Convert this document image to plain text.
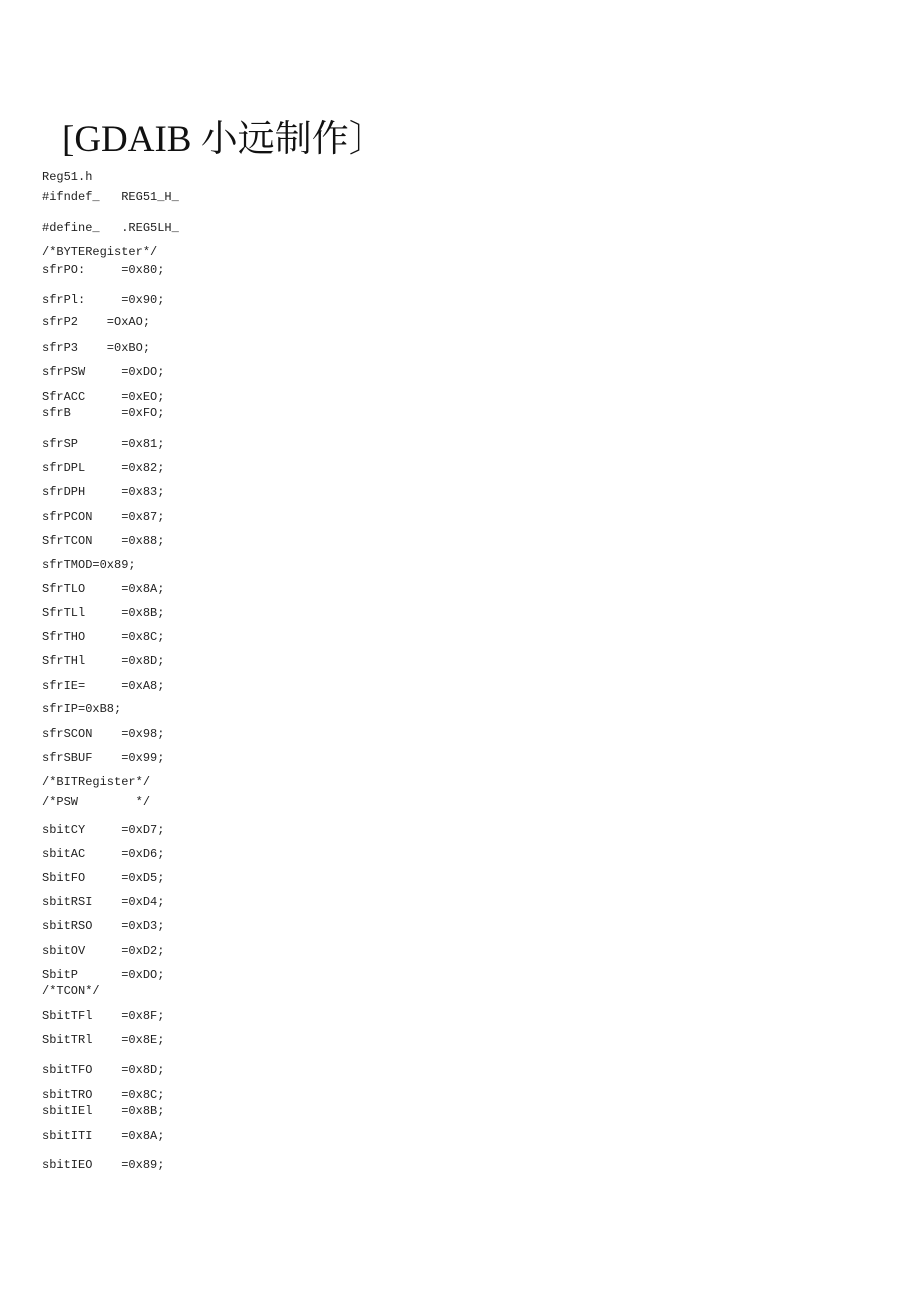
[GDAIB 小远制作〕
Reg51.h
#ifndef_   REG51_H_
#define_   .REG5LH_
/*BYTERegister*/
sfrPO:     =0x80;
sfrPl:     =0x90;
sfrP2    =OxAO;
sfrP3    =0xBO;
sfrPSW     =0xDO;
SfrACC     =0xEO;
sfrB       =0xFO;
sfrSP      =0x81;
sfrDPL     =0x82;
sfrDPH     =0x83;
sfrPCON    =0x87;
SfrTCON    =0x88;
sfrTMOD=0x89;
SfrTLO     =0x8A;
SfrTLl     =0x8B;
SfrTHO     =0x8C;
SfrTHl     =0x8D;
sfrIE=     =0xA8;
sfrIP=0xB8;
sfrSCON    =0x98;
sfrSBUF    =0x99;
/*BITRegister*/
/*PSW        */
sbitCY     =0xD7;
sbitAC     =0xD6;
SbitFO     =0xD5;
sbitRSI    =0xD4;
sbitRSO    =0xD3;
sbitOV     =0xD2;
SbitP      =0xDO;
/*TCON*/
SbitTFl    =0x8F;
SbitTRl    =0x8E;
sbitTFO    =0x8D;
sbitTRO    =0x8C;
sbitIEl    =0x8B;
sbitITI    =0x8A;
sbitIEO    =0x89;
